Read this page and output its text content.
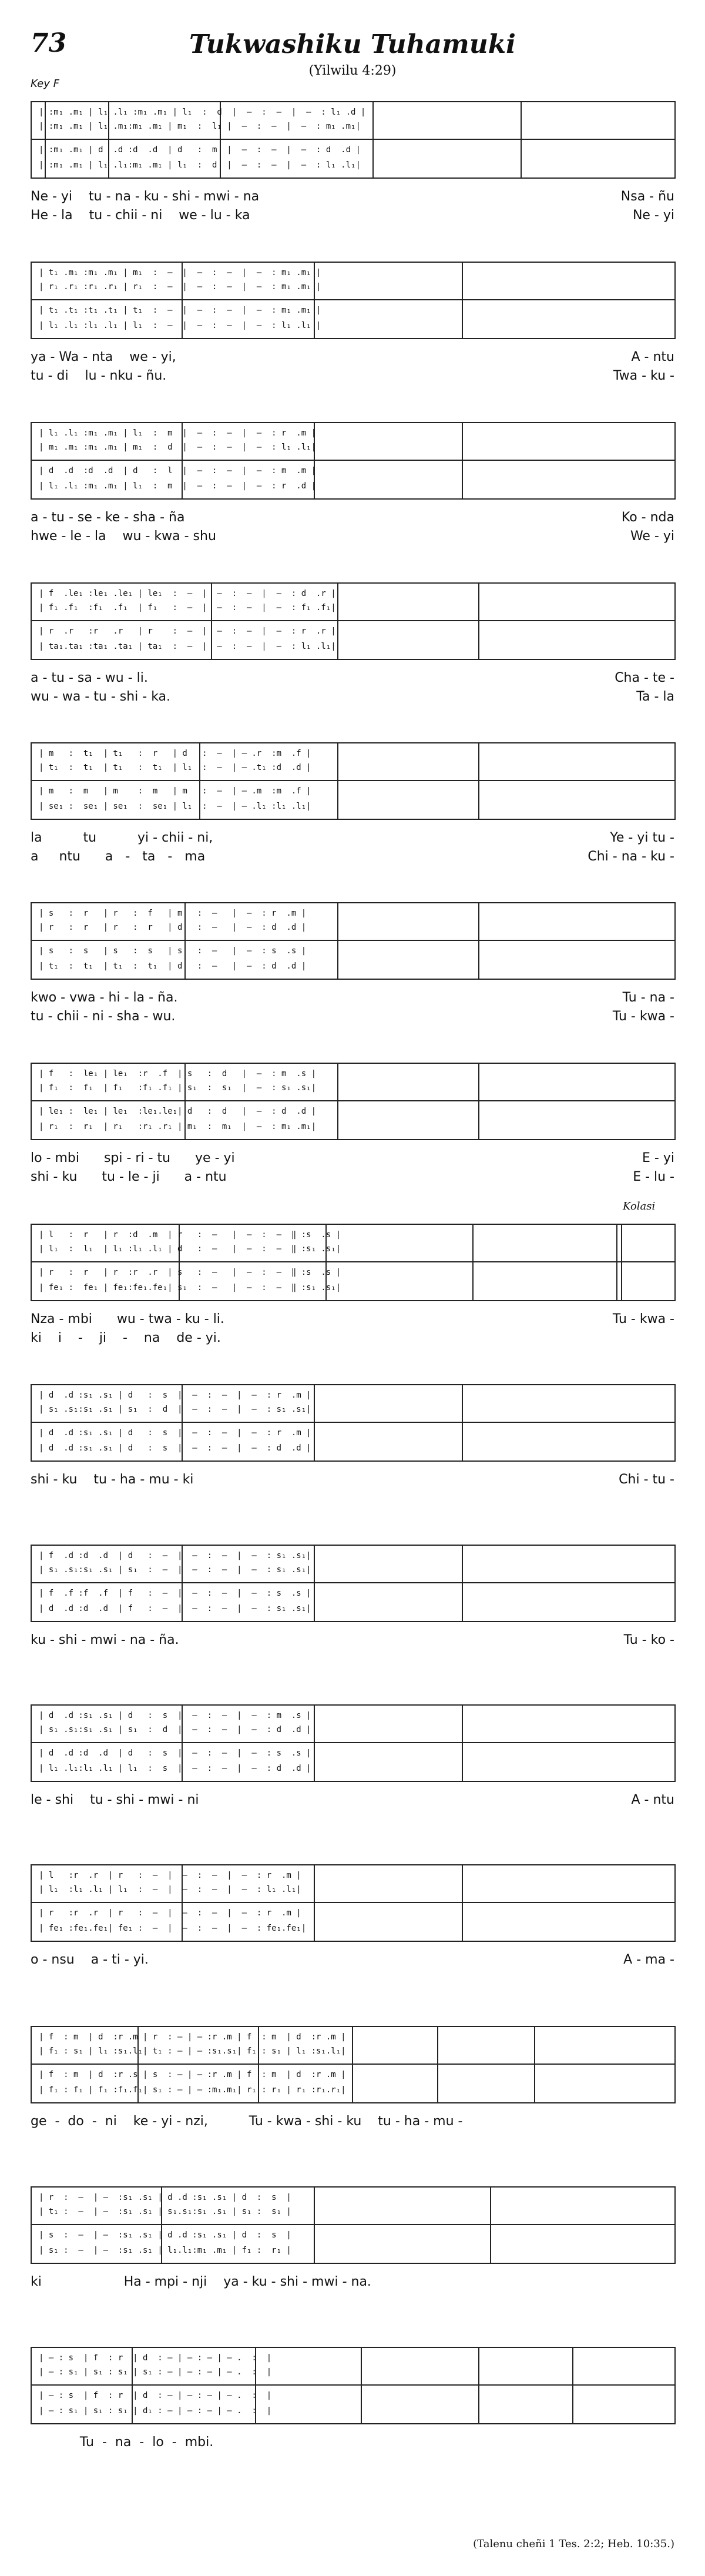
73	Tukwashiku Tuhamuki
(Yilwilu 4:29)
Key F
| :m₁ .m₁ | l₁ .l₁ :m₁ .m₁ | l₁  :  d  |  —  :  —  |  —  : l₁ .d |
| :m₁ .m₁ | l₁ .m₁:m₁ .m₁ | m₁  :  l₁ |  —  :  —  |  —  : m₁ .m₁|
| :m₁ .m₁ | d  .d :d  .d  | d   :  m  |  —  :  —  |  —  : d  .d |
| :m₁ .m₁ | l₁ .l₁:m₁ .m₁ | l₁  :  d  |  —  :  —  |  —  : l₁ .l₁|
Ne - yi    tu - na - ku - shi - mwi - na
He - la    tu - chii - ni    we - lu - ka
Nsa - ñu
Ne - yi
| t₁ .m₁ :m₁ .m₁ | m₁  :  —  |  —  :  —  |  —  : m₁ .m₁ |
| r₁ .r₁ :r₁ .r₁ | r₁  :  —  |  —  :  —  |  —  : m₁ .m₁ |
| t₁ .t₁ :t₁ .t₁ | t₁  :  —  |  —  :  —  |  —  : m₁ .m₁ |
| l₁ .l₁ :l₁ .l₁ | l₁  :  —  |  —  :  —  |  —  : l₁ .l₁ |
ya - Wa - nta    we - yi,
tu - di    lu - nku - ñu.
A - ntu
Twa - ku -
| l₁ .l₁ :m₁ .m₁ | l₁  :  m  |  —  :  —  |  —  : r  .m |
| m₁ .m₁ :m₁ .m₁ | m₁  :  d  |  —  :  —  |  —  : l₁ .l₁|
| d  .d  :d  .d  | d   :  l  |  —  :  —  |  —  : m  .m |
| l₁ .l₁ :m₁ .m₁ | l₁  :  m  |  —  :  —  |  —  : r  .d |
a - tu - se - ke - sha - ña
hwe - le - la    wu - kwa - shu
Ko - nda
We - yi
| f  .le₁ :le₁ .le₁ | le₁  :  —  |  —  :  —  |  —  : d  .r |
| f₁ .f₁  :f₁  .f₁  | f₁   :  —  |  —  :  —  |  —  : f₁ .f₁|
| r  .r   :r   .r   | r    :  —  |  —  :  —  |  —  : r  .r |
| ta₁.ta₁ :ta₁ .ta₁ | ta₁  :  —  |  —  :  —  |  —  : l₁ .l₁|
a - tu - sa - wu - li.
wu - wa - tu - shi - ka.
Cha - te -
Ta - la
| m   :  t₁  | t₁   :  r   | d   :  —  | — .r  :m  .f |
| t₁  :  t₁  | t₁   :  t₁  | l₁  :  —  | — .t₁ :d  .d |
| m   :  m   | m    :  m   | m   :  —  | — .m  :m  .f |
| se₁ :  se₁ | se₁  :  se₁ | l₁  :  —  | — .l₁ :l₁ .l₁|
la          tu          yi - chii - ni,
a     ntu      a   -   ta   -   ma
Ye - yi tu -
Chi - na - ku -
| s   :  r   | r   :  f   | m   :  —   |  —  : r  .m |
| r   :  r   | r   :  r   | d   :  —   |  —  : d  .d |
| s   :  s   | s   :  s   | s   :  —   |  —  : s  .s |
| t₁  :  t₁  | t₁  :  t₁  | d   :  —   |  —  : d  .d |
kwo - vwa - hi - la - ña.
tu - chii - ni - sha - wu.
Tu - na -
Tu - kwa -
| f   :  le₁ | le₁  :r  .f  | s   :  d   |  —  : m  .s |
| f₁  :  f₁  | f₁   :f₁ .f₁ | s₁  :  s₁  |  —  : s₁ .s₁|
| le₁ :  le₁ | le₁  :le₁.le₁| d   :  d   |  —  : d  .d |
| r₁  :  r₁  | r₁   :r₁ .r₁ | m₁  :  m₁  |  —  : m₁ .m₁|
lo - mbi      spi - ri - tu      ye - yi
shi - ku      tu - le - ji      a - ntu
E - yi
E - lu -
Kolasi
| l   :  r   | r  :d  .m  | r   :  —   |  —  :  —  ‖ :s  .s |
| l₁  :  l₁  | l₁ :l₁ .l₁ | d   :  —   |  —  :  —  ‖ :s₁ .s₁|
| r   :  r   | r  :r  .r  | s   :  —   |  —  :  —  ‖ :s  .s |
| fe₁ :  fe₁ | fe₁:fe₁.fe₁| s₁  :  —   |  —  :  —  ‖ :s₁ .s₁|
Nza - mbi      wu - twa - ku - li.
ki    i    -    ji    -    na    de - yi.
Tu - kwa -
| d  .d :s₁ .s₁ | d   :  s  |  —  :  —  |  —  : r  .m |
| s₁ .s₁:s₁ .s₁ | s₁  :  d  |  —  :  —  |  —  : s₁ .s₁|
| d  .d :s₁ .s₁ | d   :  s  |  —  :  —  |  —  : r  .m |
| d  .d :s₁ .s₁ | d   :  s  |  —  :  —  |  —  : d  .d |
shi - ku    tu - ha - mu - ki	Chi - tu -
| f  .d :d  .d  | d   :  —  |  —  :  —  |  —  : s₁ .s₁|
| s₁ .s₁:s₁ .s₁ | s₁  :  —  |  —  :  —  |  —  : s₁ .s₁|
| f  .f :f  .f  | f   :  —  |  —  :  —  |  —  : s  .s |
| d  .d :d  .d  | f   :  —  |  —  :  —  |  —  : s₁ .s₁|
ku - shi - mwi - na - ña.	Tu - ko -
| d  .d :s₁ .s₁ | d   :  s  |  —  :  —  |  —  : m  .s |
| s₁ .s₁:s₁ .s₁ | s₁  :  d  |  —  :  —  |  —  : d  .d |
| d  .d :d  .d  | d   :  s  |  —  :  —  |  —  : s  .s |
| l₁ .l₁:l₁ .l₁ | l₁  :  s  |  —  :  —  |  —  : d  .d |
le - shi    tu - shi - mwi - ni	A - ntu
| l   :r  .r  | r   :  —  |  —  :  —  |  —  : r  .m |
| l₁  :l₁ .l₁ | l₁  :  —  |  —  :  —  |  —  : l₁ .l₁|
| r   :r  .r  | r   :  —  |  —  :  —  |  —  : r  .m |
| fe₁ :fe₁.fe₁| fe₁ :  —  |  —  :  —  |  —  : fe₁.fe₁|
o - nsu    a - ti - yi.	A - ma -
| f  : m  | d  :r .m | r  : — | — :r .m | f  : m  | d  :r .m |
| f₁ : s₁ | l₁ :s₁.l₁| t₁ : — | — :s₁.s₁| f₁ : s₁ | l₁ :s₁.l₁|
| f  : m  | d  :r .s | s  : — | — :r .m | f  : m  | d  :r .m |
| f₁ : f₁ | f₁ :f₁.f₁| s₁ : — | — :m₁.m₁| r₁ : r₁ | r₁ :r₁.r₁|
ge  -  do  -  ni    ke - yi - nzi,          Tu - kwa - shi - ku    tu - ha - mu -
| r  :  —  | —  :s₁ .s₁ | d .d :s₁ .s₁ | d  :  s  |
| t₁ :  —  | —  :s₁ .s₁ | s₁.s₁:s₁ .s₁ | s₁ :  s₁ |
| s  :  —  | —  :s₁ .s₁ | d .d :s₁ .s₁ | d  :  s  |
| s₁ :  —  | —  :s₁ .s₁ | l₁.l₁:m₁ .m₁ | f₁ :  r₁ |
ki                    Ha - mpi - nji    ya - ku - shi - mwi - na.
| — : s  | f  : r  | d  : — | — : — | — .  :  |
| — : s₁ | s₁ : s₁ | s₁ : — | — : — | — .  :  |
| — : s  | f  : r  | d  : — | — : — | — .  :  |
| — : s₁ | s₁ : s₁ | d₁ : — | — : — | — .  :  |
Tu  -  na  -  lo  -  mbi.
(Talenu cheñi 1 Tes. 2:2; Heb. 10:35.)
